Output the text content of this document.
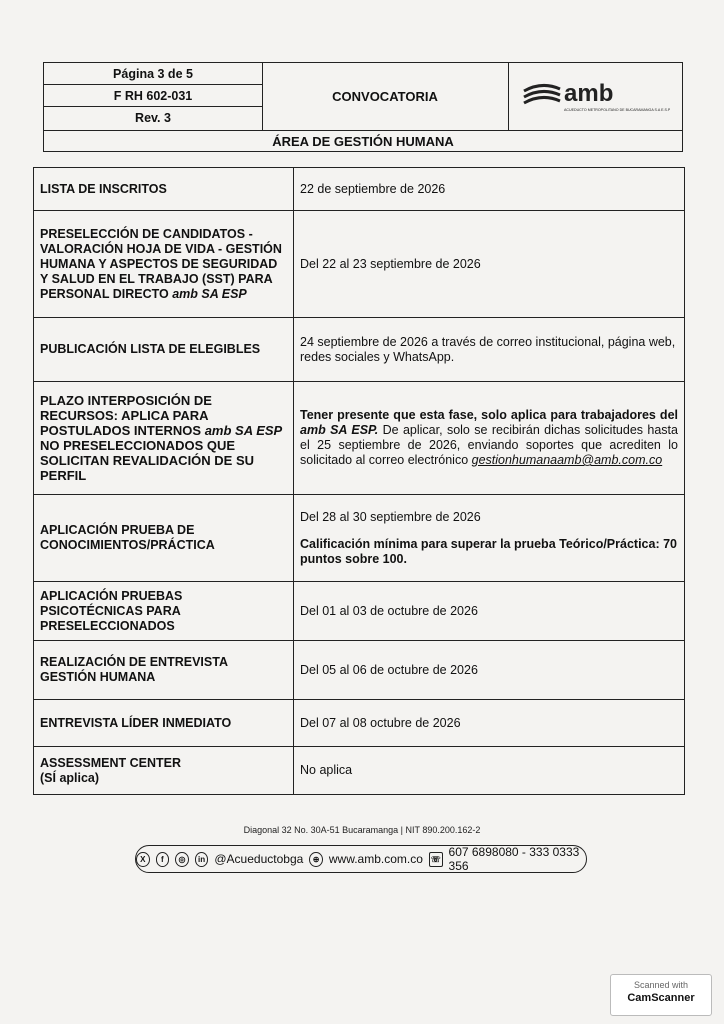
Página 3 de 5
F RH 602-031
Rev. 3
CONVOCATORIA	amb
ACUEDUCTO METROPOLITANO DE BUCARAMANGA S.A E.S.P
ÁREA DE GESTIÓN HUMANA
LISTA DE INSCRITOS	22 de septiembre de 2026
PRESELECCIÓN DE CANDIDATOS - VALORACIÓN HOJA DE VIDA - GESTIÓN HUMANA Y ASPECTOS DE SEGURIDAD Y SALUD EN EL TRABAJO (SST) PARA PERSONAL DIRECTO amb SA ESP	Del 22 al 23 septiembre de 2026
PUBLICACIÓN LISTA DE ELEGIBLES	24 septiembre de 2026 a través de correo institucional, página web, redes sociales y WhatsApp.
PLAZO INTERPOSICIÓN DE RECURSOS: APLICA PARA POSTULADOS INTERNOS amb SA ESP NO PRESELECCIONADOS QUE SOLICITAN REVALIDACIÓN DE SU PERFIL	Tener presente que esta fase, solo aplica para trabajadores del amb SA ESP. De aplicar, solo se recibirán dichas solicitudes hasta el 25 septiembre de 2026, enviando soportes que acrediten lo solicitado al correo electrónico gestionhumanaamb@amb.com.co
APLICACIÓN PRUEBA DE CONOCIMIENTOS/PRÁCTICA	Del 28 al 30 septiembre de 2026
Calificación mínima para superar la prueba Teórico/Práctica: 70 puntos sobre 100.

APLICACIÓN PRUEBAS PSICOTÉCNICAS PARA PRESELECCIONADOS	Del 01 al 03 de octubre de 2026
REALIZACIÓN DE ENTREVISTA GESTIÓN HUMANA	Del 05 al 06 de octubre de 2026
ENTREVISTA LÍDER INMEDIATO	Del 07 al 08 octubre de 2026

ASSESSMENT CENTER
(SÍ aplica)	No aplica
Diagonal 32 No. 30A-51 Bucaramanga | NIT 890.200.162-2
X	f	◎	in @Acueductobga	⊕ www.amb.com.co ☏ 607 6898080 - 333 0333 356
Scanned with
CamScanner
